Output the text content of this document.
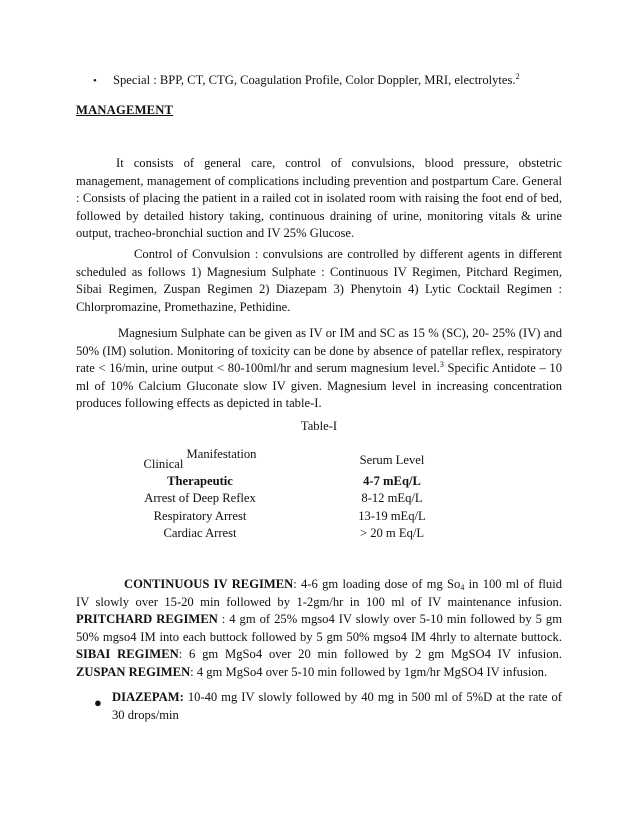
• Special : BPP, CT, CTG, Coagulation Profile, Color Doppler, MRI, electrolytes.$^2$
MANAGEMENT

It consists of general care, control of convulsions, blood pressure, obstetric management, management of complications including prevention and postpartum Care. General : Consists of placing the patient in a railed cot in isolated room with raising the foot end of bed, followed by detailed history taking, continuous draining of urine, monitoring vitals & urine output, tracheo-bronchial suction and IV 25% Glucose.

Control of Convulsion : convulsions are controlled by different agents in different scheduled as follows 1) Magnesium Sulphate : Continuous IV Regimen, Pitchard Regimen, Sibai Regimen, Zuspan Regimen 2) Diazepam 3) Phenytoin 4) Lytic Cocktail Regimen : Chlorpromazine, Promethazine, Pethidine.

Magnesium Sulphate can be given as IV or IM and SC as 15 % (SC), 20- 25% (IV) and 50% (IM) solution. Monitoring of toxicity can be done by absence of patellar reflex, respiratory rate < 16/min, urine output < 80-100ml/hr and serum magnesium level.$^3$ Specific Antidote – 10 ml of 10% Calcium Gluconate slow IV given. Magnesium level in increasing concentration produces following effects as depicted in table-I.

Table-I
Clinical Manifestation	Serum Level
Therapeutic	4-7 mEq/L
Arrest of Deep Reflex	8-12 mEq/L
Respiratory Arrest	13-19 mEq/L
Cardiac Arrest	> 20 m Eq/L

CONTINUOUS IV REGIMEN: 4-6 gm loading dose of mg $So_4$ in 100 ml of fluid IV slowly over 15-20 min followed by 1-2gm/hr in 100 ml of IV maintenance infusion. PRITCHARD REGIMEN : 4 gm of 25% mgso4 IV slowly over 5-10 min followed by 5 gm 50% mgso4 IM into each buttock followed by 5 gm 50% mgso4 IM 4hrly to alternate buttock. SIBAI REGIMEN: 6 gm MgSo4 over 20 min followed by 2 gm MgSO4 IV infusion. ZUSPAN REGIMEN: 4 gm MgSo4 over 5-10 min followed by 1gm/hr MgSO4 IV infusion.

● DIAZEPAM: 10-40 mg IV slowly followed by 40 mg in 500 ml of 5%D at the rate of 30 drops/min
